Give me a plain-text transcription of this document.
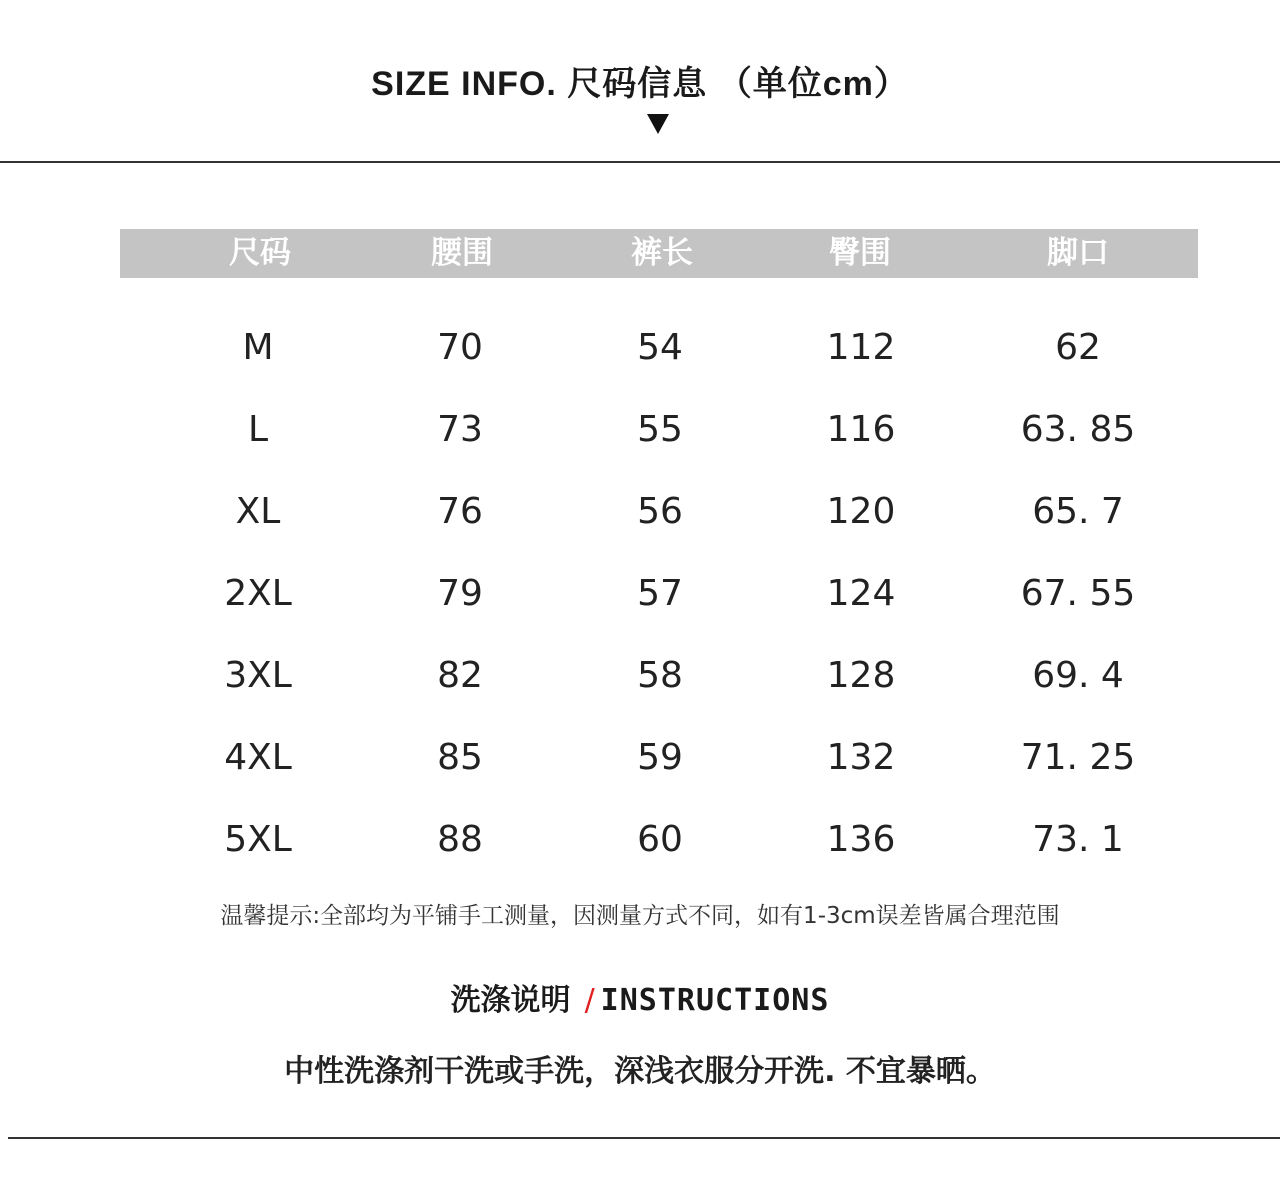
SIZE INFO. 尺码信息 （单位cm）
尺码	腰围	裤长	臀围	脚口
M	70	54	112	62
L	73	55	116	63. 85
XL	76	56	120	65. 7
2XL	79	57	124	67. 55
3XL	82	58	128	69. 4
4XL	85	59	132	71. 25
5XL	88	60	136	73. 1
温馨提示:全部均为平铺手工测量，因测量方式不同，如有1-3cm误差皆属合理范围
洗涤说明 / INSTRUCTIONS
中性洗涤剂干洗或手洗，深浅衣服分开洗. 不宜暴晒。
